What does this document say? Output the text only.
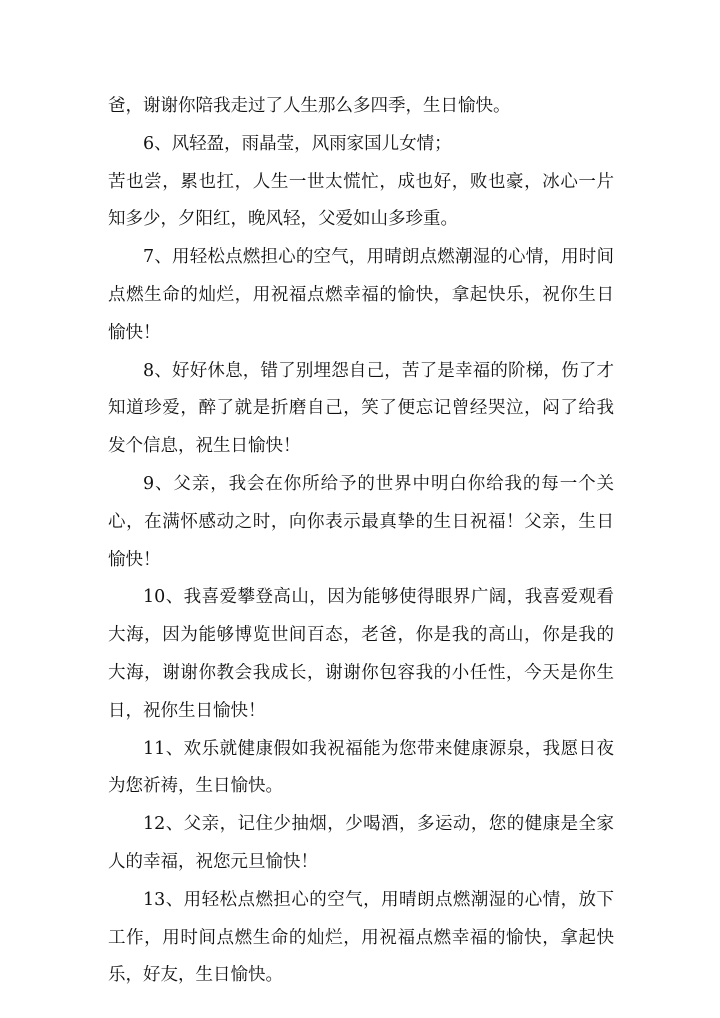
爸，谢谢你陪我走过了人生那么多四季，生日愉快。

6、风轻盈，雨晶莹，风雨家国儿女情；

苦也尝，累也扛，人生一世太慌忙，成也好，败也豪，冰心一片知多少，夕阳红，晚风轻，父爱如山多珍重。

7、用轻松点燃担心的空气，用晴朗点燃潮湿的心情，用时间点燃生命的灿烂，用祝福点燃幸福的愉快，拿起快乐，祝你生日愉快！

8、好好休息，错了别埋怨自己，苦了是幸福的阶梯，伤了才知道珍爱，醉了就是折磨自己，笑了便忘记曾经哭泣，闷了给我发个信息，祝生日愉快！

9、父亲，我会在你所给予的世界中明白你给我的每一个关心，在满怀感动之时，向你表示最真挚的生日祝福！父亲，生日愉快！

10、我喜爱攀登高山，因为能够使得眼界广阔，我喜爱观看大海，因为能够博览世间百态，老爸，你是我的高山，你是我的大海，谢谢你教会我成长，谢谢你包容我的小任性，今天是你生日，祝你生日愉快！

11、欢乐就健康假如我祝福能为您带来健康源泉，我愿日夜为您祈祷，生日愉快。

12、父亲，记住少抽烟，少喝酒，多运动，您的健康是全家人的幸福，祝您元旦愉快！

13、用轻松点燃担心的空气，用晴朗点燃潮湿的心情，放下工作，用时间点燃生命的灿烂，用祝福点燃幸福的愉快，拿起快乐，好友，生日愉快。
